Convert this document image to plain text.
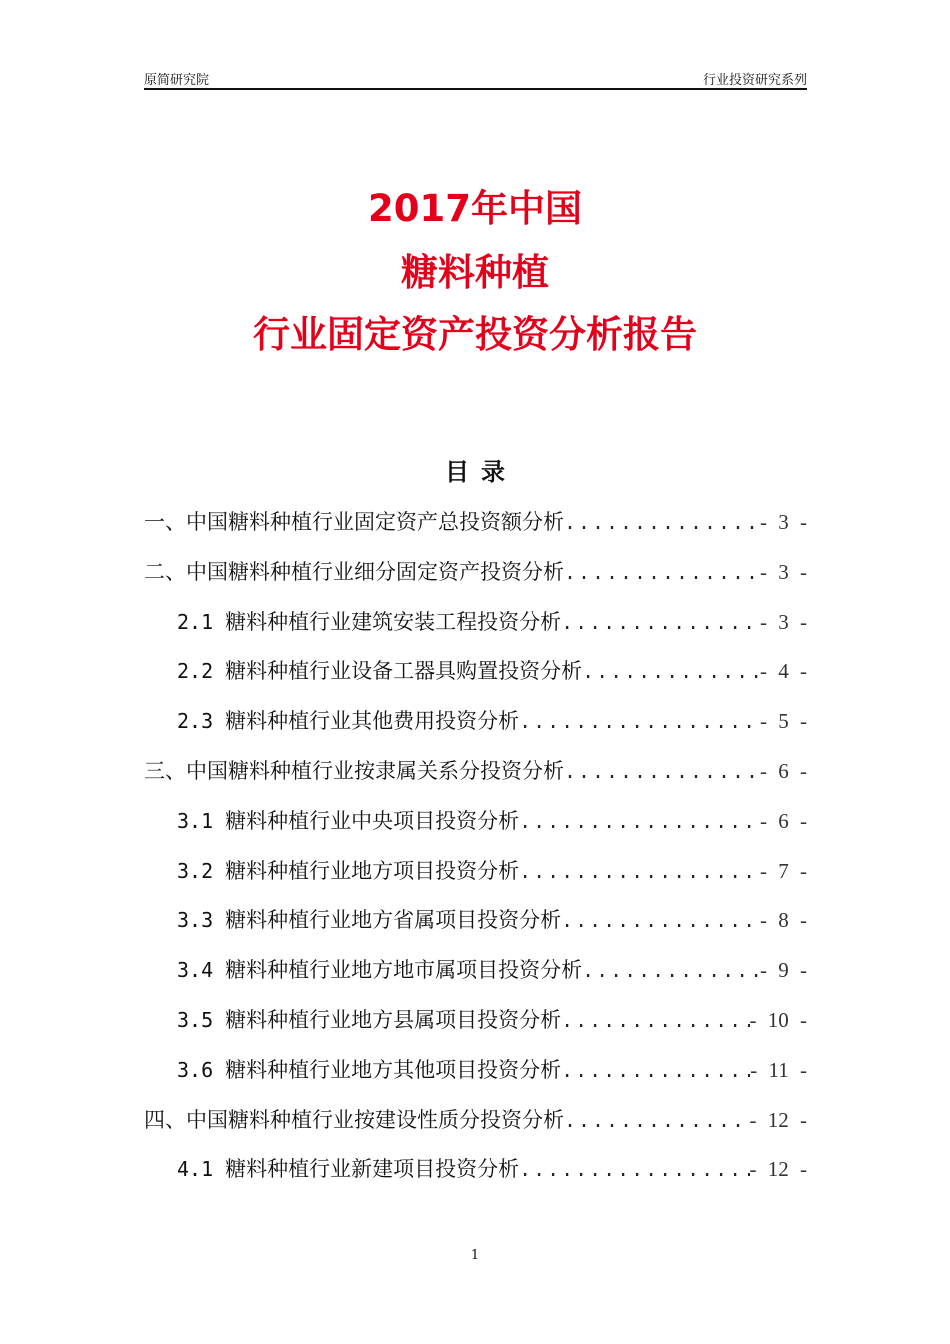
原简研究院	行业投资研究系列
2017年中国
糖料种植
行业固定资产投资分析报告
目录
一、中国糖料种植行业固定资产总投资额分析 .....	- 3 -
二、中国糖料种植行业细分固定资产投资分析 .....	- 3 -
2.1 糖料种植行业建筑安装工程投资分析 .....	- 3 -
2.2 糖料种植行业设备工器具购置投资分析 .....	- 4 -
2.3 糖料种植行业其他费用投资分析 .....	- 5 -
三、中国糖料种植行业按隶属关系分投资分析 .....	- 6 -
3.1 糖料种植行业中央项目投资分析 .....	- 6 -
3.2 糖料种植行业地方项目投资分析 .....	- 7 -
3.3 糖料种植行业地方省属项目投资分析 .....	- 8 -
3.4 糖料种植行业地方地市属项目投资分析 .....	- 9 -
3.5 糖料种植行业地方县属项目投资分析 .....	- 10 -
3.6 糖料种植行业地方其他项目投资分析 .....	- 11 -
四、中国糖料种植行业按建设性质分投资分析 .....	- 12 -
4.1 糖料种植行业新建项目投资分析 .....	- 12 -
1
